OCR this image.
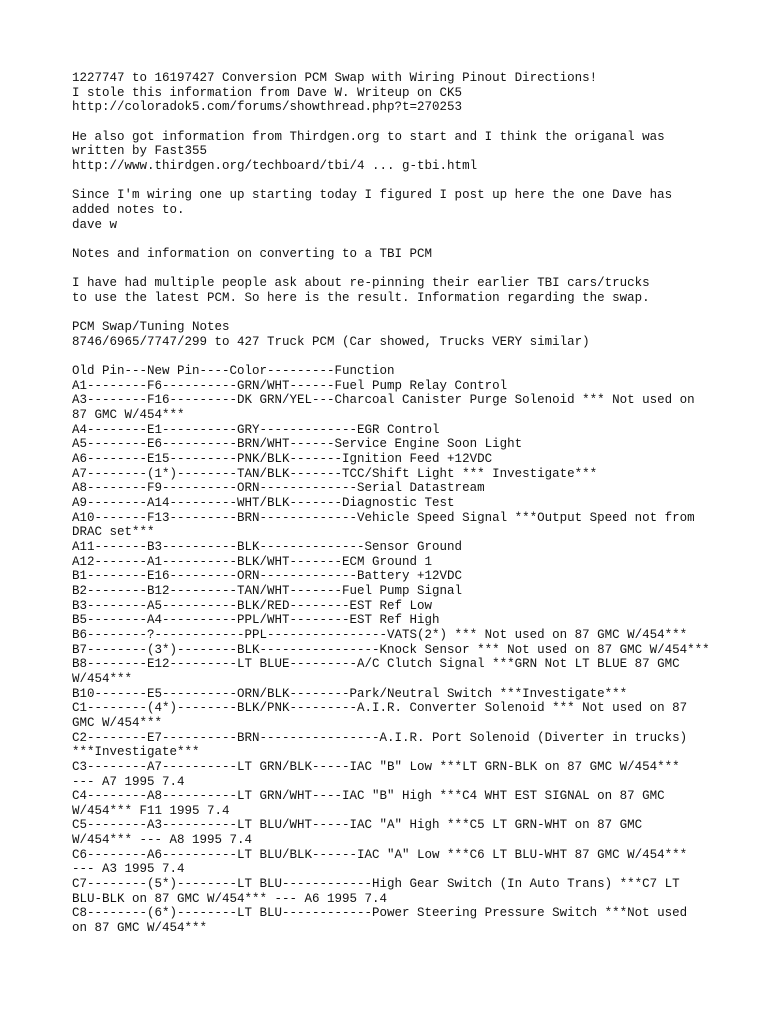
1227747 to 16197427 Conversion PCM Swap with Wiring Pinout Directions!
I stole this information from Dave W. Writeup on CK5
http://coloradok5.com/forums/showthread.php?t=270253
He also got information from Thirdgen.org to start and I think the origanal was
written by Fast355
http://www.thirdgen.org/techboard/tbi/4 ... g-tbi.html
Since I'm wiring one up starting today I figured I post up here the one Dave has
added notes to.
dave w
Notes and information on converting to a TBI PCM
I have had multiple people ask about re-pinning their earlier TBI cars/trucks
to use the latest PCM. So here is the result. Information regarding the swap.
PCM Swap/Tuning Notes
8746/6965/7747/299 to 427 Truck PCM (Car showed, Trucks VERY similar)
Old Pin---New Pin----Color---------Function
A1--------F6----------GRN/WHT------Fuel Pump Relay Control
A3--------F16---------DK GRN/YEL---Charcoal Canister Purge Solenoid *** Not used on
87 GMC W/454***
A4--------E1----------GRY-------------EGR Control
A5--------E6----------BRN/WHT------Service Engine Soon Light
A6--------E15---------PNK/BLK-------Ignition Feed +12VDC
A7--------(1*)--------TAN/BLK-------TCC/Shift Light *** Investigate***
A8--------F9----------ORN-------------Serial Datastream
A9--------A14---------WHT/BLK-------Diagnostic Test
A10-------F13---------BRN-------------Vehicle Speed Signal ***Output Speed not from
DRAC set***
A11-------B3----------BLK--------------Sensor Ground
A12-------A1----------BLK/WHT-------ECM Ground 1
B1--------E16---------ORN-------------Battery +12VDC
B2--------B12---------TAN/WHT-------Fuel Pump Signal
B3--------A5----------BLK/RED--------EST Ref Low
B5--------A4----------PPL/WHT--------EST Ref High
B6--------?------------PPL----------------VATS(2*) *** Not used on 87 GMC W/454***
B7--------(3*)--------BLK----------------Knock Sensor *** Not used on 87 GMC W/454***
B8--------E12---------LT BLUE---------A/C Clutch Signal ***GRN Not LT BLUE 87 GMC
W/454***
B10-------E5----------ORN/BLK--------Park/Neutral Switch ***Investigate***
C1--------(4*)--------BLK/PNK---------A.I.R. Converter Solenoid *** Not used on 87
GMC W/454***
C2--------E7----------BRN----------------A.I.R. Port Solenoid (Diverter in trucks)
***Investigate***
C3--------A7----------LT GRN/BLK-----IAC "B" Low ***LT GRN-BLK on 87 GMC W/454***
--- A7 1995 7.4
C4--------A8----------LT GRN/WHT----IAC "B" High ***C4 WHT EST SIGNAL on 87 GMC
W/454*** F11 1995 7.4
C5--------A3----------LT BLU/WHT-----IAC "A" High ***C5 LT GRN-WHT on 87 GMC
W/454*** --- A8 1995 7.4
C6--------A6----------LT BLU/BLK------IAC "A" Low ***C6 LT BLU-WHT 87 GMC W/454***
--- A3 1995 7.4
C7--------(5*)--------LT BLU------------High Gear Switch (In Auto Trans) ***C7 LT
BLU-BLK on 87 GMC W/454*** --- A6 1995 7.4
C8--------(6*)--------LT BLU------------Power Steering Pressure Switch ***Not used
on 87 GMC W/454***
